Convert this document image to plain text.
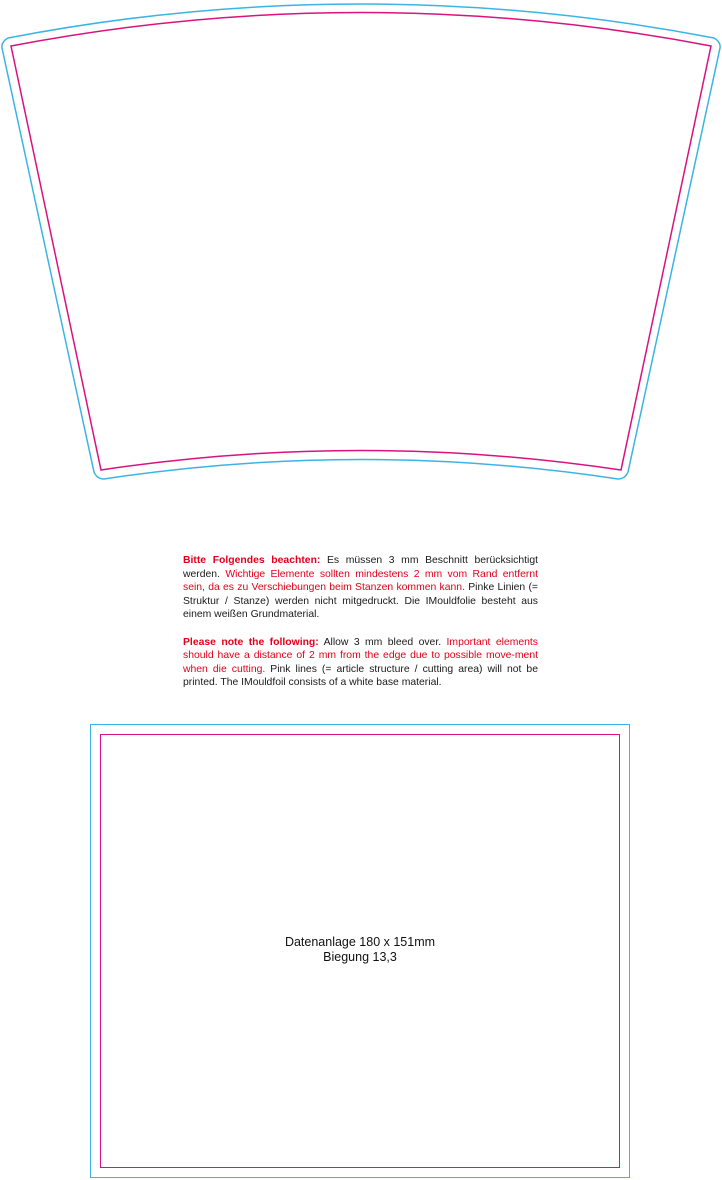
Bitte Folgendes beachten: Es müssen 3 mm Beschnitt berücksichtigt werden. Wichtige Elemente sollten mindestens 2 mm vom Rand entfernt sein, da es zu Verschiebungen beim Stanzen kommen kann. Pinke Linien (= Struktur / Stanze) werden nicht mitgedruckt. Die IMouldfolie besteht aus einem weißen Grundmaterial.

Please note the following: Allow 3 mm bleed over. Important elements should have a distance of 2 mm from the edge due to possible move-ment when die cutting. Pink lines (= article structure / cutting area) will not be printed. The IMouldfoil consists of a white base material.

Datenanlage 180 x 151mm
Biegung 13,3
